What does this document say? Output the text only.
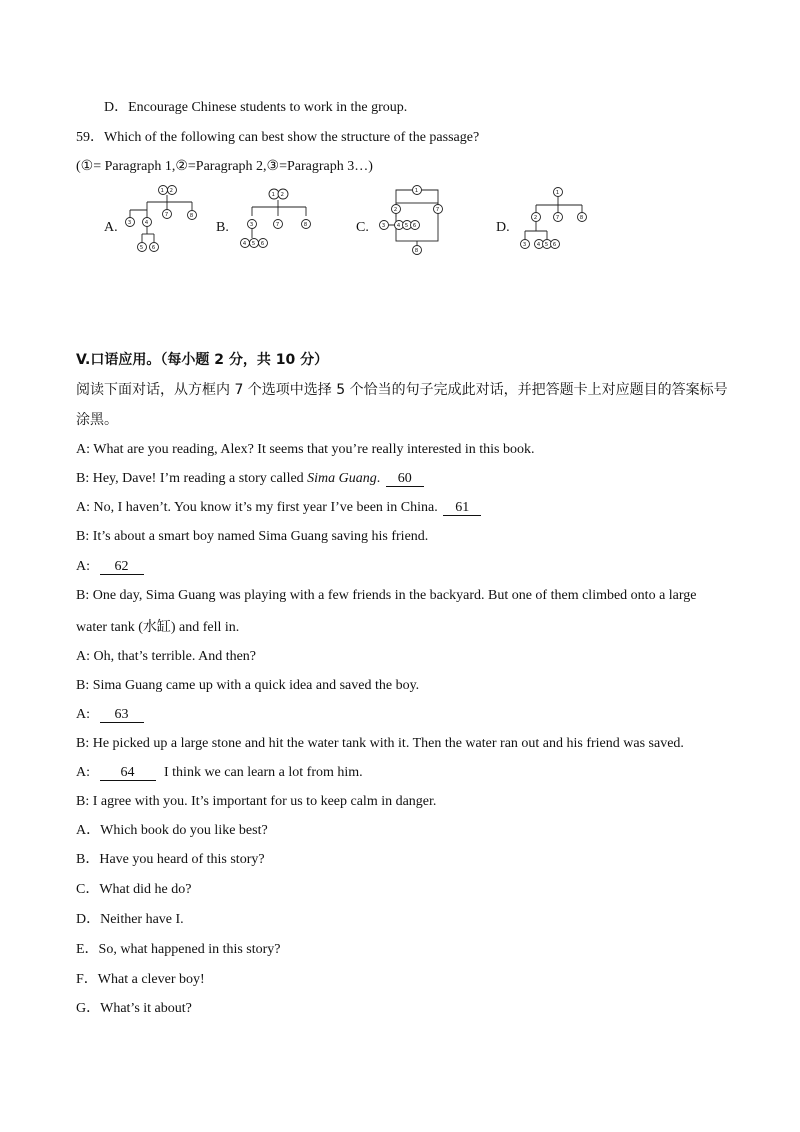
D．Encourage Chinese students to work in the group.
59．Which of the following can best show the structure of the passage?
(①= Paragraph 1,②=Paragraph 2,③=Paragraph 3…)
A.	B.	C.	D.
1 2
3 4
7	8
5 6
1 2
3	7	8
4 5 6
1
2	7
3 4 5 6
8
1
2	7	8
3 4 5 6
V.口语应用。（每小题 2 分，共 10 分）
阅读下面对话，从方框内 7 个选项中选择 5 个恰当的句子完成此对话，并把答题卡上对应题目的答案标号
涂黑。
A: What are you reading, Alex? It seems that you’re really interested in this book.
B: Hey, Dave! I’m reading a story called Sima Guang. 60
A: No, I haven’t. You know it’s my first year I’ve been in China. 61
B: It’s about a smart boy named Sima Guang saving his friend.
A: 62
B: One day, Sima Guang was playing with a few friends in the backyard. But one of them climbed onto a large
water tank (水缸) and fell in.
A: Oh, that’s terrible. And then?
B: Sima Guang came up with a quick idea and saved the boy.
A: 63
B: He picked up a large stone and hit the water tank with it. Then the water ran out and his friend was saved.
A: 64 I think we can learn a lot from him.
B: I agree with you. It’s important for us to keep calm in danger.
A．Which book do you like best?
B．Have you heard of this story?
C．What did he do?
D．Neither have I.
E．So, what happened in this story?
F．What a clever boy!
G．What’s it about?
